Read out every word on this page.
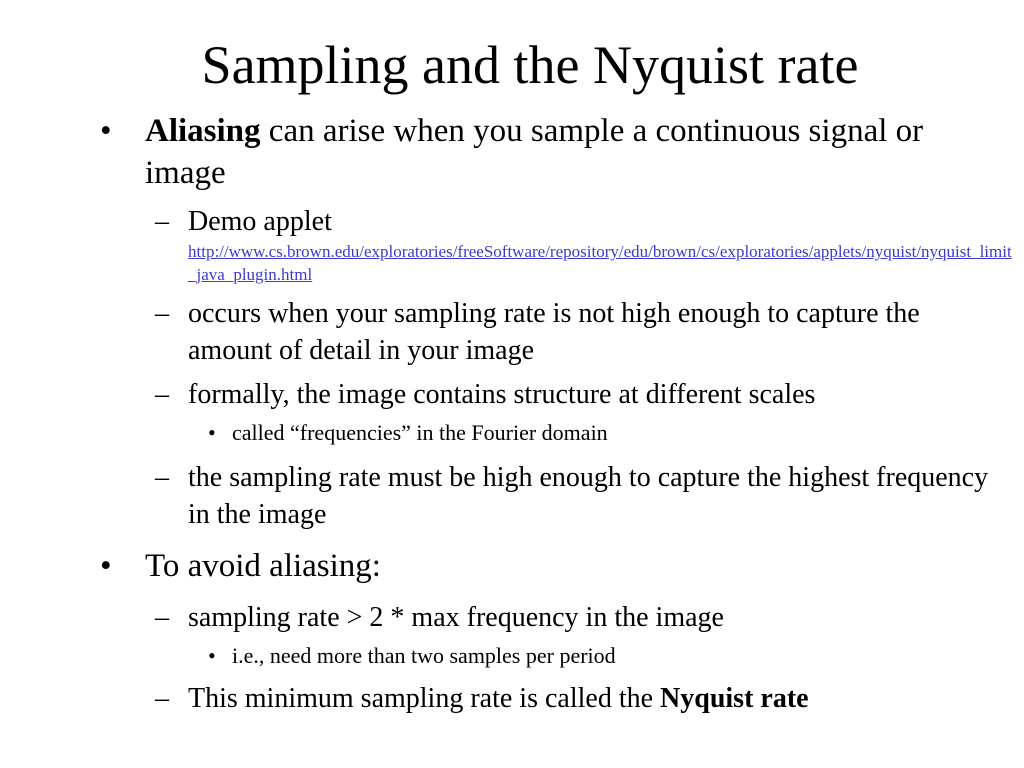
Sampling and the Nyquist rate
• Aliasing can arise when you sample a continuous signal or image
– Demo applet
http://www.cs.brown.edu/exploratories/freeSoftware/repository/edu/brown/cs/exploratories/applets/nyquist/nyquist_limit_java_plugin.html
– occurs when your sampling rate is not high enough to capture the amount of detail in your image
– formally, the image contains structure at different scales
• called “frequencies” in the Fourier domain
– the sampling rate must be high enough to capture the highest frequency in the image
• To avoid aliasing:
– sampling rate > 2 * max frequency in the image
• i.e., need more than two samples per period
– This minimum sampling rate is called the Nyquist rate
